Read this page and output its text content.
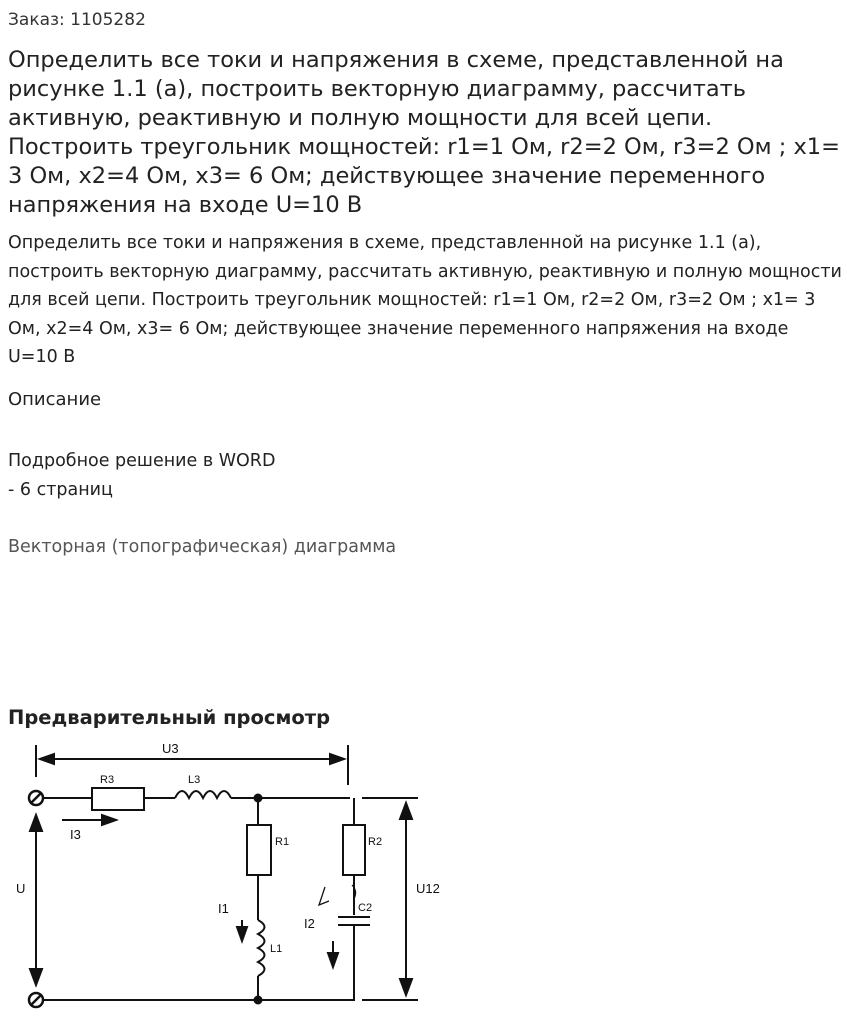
Заказ: 1105282
Определить все токи и напряжения в схеме, представленной на рисунке 1.1 (а), построить векторную диаграмму, рассчитать активную, реактивную и полную мощности для всей цепи. Построить треугольник мощностей: r1=1 Ом, r2=2 Ом, r3=2 Ом ; x1= 3 Ом, x2=4 Ом, x3= 6 Ом; действующее значение переменного напряжения на входе U=10 В

Определить все токи и напряжения в схеме, представленной на рисунке 1.1 (а), построить векторную диаграмму, рассчитать активную, реактивную и полную мощности для всей цепи. Построить треугольник мощностей: r1=1 Ом, r2=2 Ом, r3=2 Ом ; x1= 3 Ом, x2=4 Ом, x3= 6 Ом; действующее значение переменного напряжения на входе U=10 В

Описание
Подробное решение в WORD
- 6 страниц
Векторная (топографическая) диаграмма
Предварительный просмотр
U3
R3	L3
I3
U
R1	R2
I1
L1
I2
C2
U12
